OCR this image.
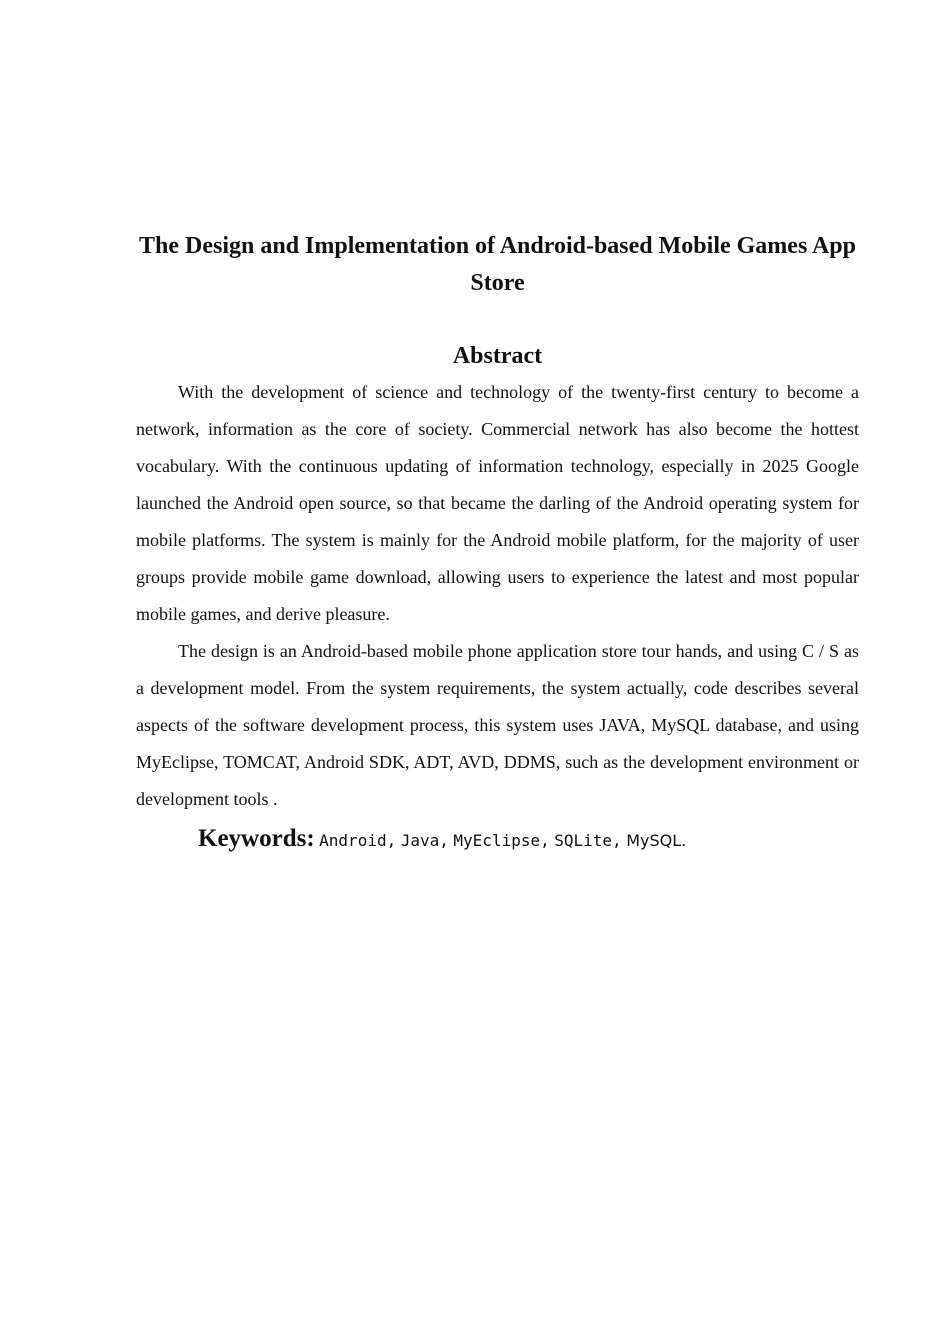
The Design and Implementation of Android-based Mobile Games App Store
Abstract

With the development of science and technology of the twenty-first century to become a network, information as the core of society. Commercial network has also become the hottest vocabulary. With the continuous updating of information technology, especially in 2025 Google launched the Android open source, so that became the darling of the Android operating system for mobile platforms. The system is mainly for the Android mobile platform, for the majority of user groups provide mobile game download, allowing users to experience the latest and most popular mobile games, and derive pleasure.

The design is an Android-based mobile phone application store tour hands, and using C / S as a development model. From the system requirements, the system actually, code describes several aspects of the software development process, this system uses JAVA, MySQL database, and using MyEclipse, TOMCAT, Android SDK, ADT, AVD, DDMS, such as the development environment or development tools .

Keywords: Android, Java, MyEclipse, SQLite, MySQL.
